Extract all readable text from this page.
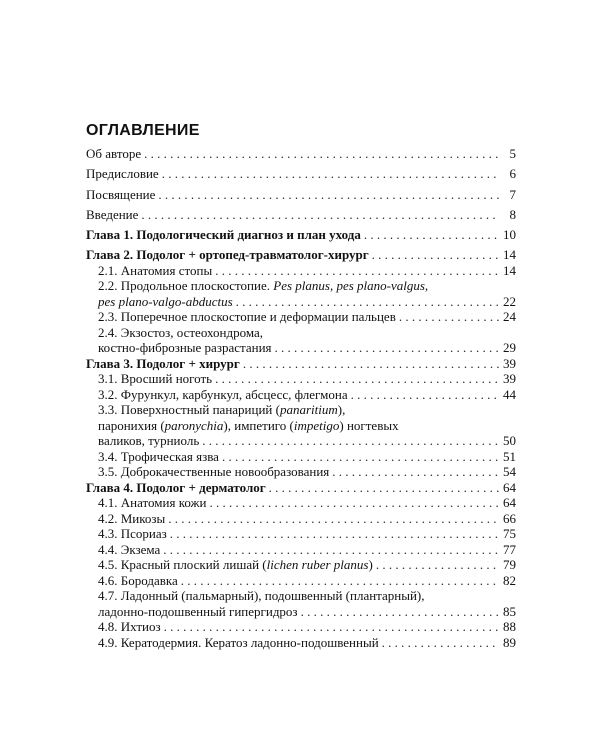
ОГЛАВЛЕНИЕ
Об авторе . . .	5
Предисловие . . .	6
Посвящение . . .	7
Введение . . .	8
Глава 1. Подологический диагноз и план ухода . . .	10
Глава 2. Подолог + ортопед-травматолог-хирург . . .	14
2.1. Анатомия стопы . . .	14
2.2. Продольное плоскостопие. Pes planus, pes plano-valgus,
pes plano-valgo-abductus . . .	22
2.3. Поперечное плоскостопие и деформации пальцев . . .	24
2.4. Экзостоз, остеохондрома,
костно-фиброзные разрастания . . .	29
Глава 3. Подолог + хирург . . .	39
3.1. Вросший ноготь . . .	39
3.2. Фурункул, карбункул, абсцесс, флегмона . . .	44
3.3. Поверхностный панариций (panaritium),
паронихия (paronychia), импетиго (impetigo) ногтевых
валиков, турниоль . . .	50
3.4. Трофическая язва . . .	51
3.5. Доброкачественные новообразования . . .	54
Глава 4. Подолог + дерматолог . . .	64
4.1. Анатомия кожи . . .	64
4.2. Микозы . . .	66
4.3. Псориаз . . .	75
4.4. Экзема . . .	77
4.5. Красный плоский лишай (lichen ruber planus) . . .	79
4.6. Бородавка . . .	82
4.7. Ладонный (пальмарный), подошвенный (плантарный),
ладонно-подошвенный гипергидроз . . .	85
4.8. Ихтиоз . . .	88
4.9. Кератодермия. Кератоз ладонно-подошвенный . . .	89
